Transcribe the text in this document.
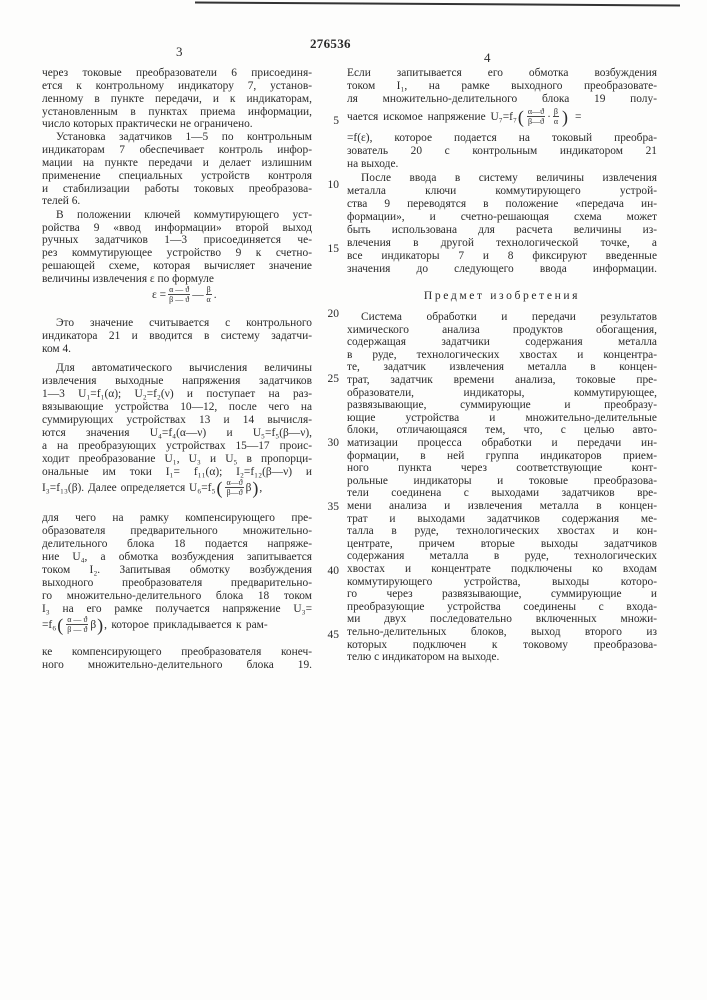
3
276536
4
ε = α — ϑ
β — ϑ — β
α .
I₃=f₁₃(β). Далее определяется U₆=f₅ ( α—ϑ
β—ϑ β ) ,
=f₆ ( α — ϑ
β — ϑ β ) , которое прикладывается к рам-
через токовые преобразователи 6 присоединя-
ется к контрольному индикатору 7, установ-
ленному в пункте передачи, и к индикаторам,
установленным в пунктах приема информации,
число которых практически не ограничено.
Установка задатчиков 1—5 по контрольным
индикаторам 7 обеспечивает контроль инфор-
мации на пункте передачи и делает излишним
применение специальных устройств контроля
и стабилизации работы токовых преобразова-
телей 6.
В положении ключей коммутирующего уст-
ройства 9 «ввод информации» второй выход
ручных задатчиков 1—3 присоединяется че-
рез коммутирующее устройство 9 к счетно-
решающей схеме, которая вычисляет значение
величины извлечения ε по формуле
Это значение считывается с контрольного
индикатора 21 и вводится в систему задатчи-
ком 4.
Для автоматического вычисления величины
извлечения выходные напряжения задатчиков
1—3 U₁=f₁(α); U₂=f₂(ν) и поступает на раз-
вязывающие устройства 10—12, после чего на
суммирующих устройствах 13 и 14 вычисля-
ются значения U₄=f₄(α—ν) и U₅=f₅(β—ν),
а на преобразующих устройствах 15—17 проис-
ходит преобразование U₁, U₃ и U₅ в пропорци-
ональные им токи I₁= f₁₁(α); I₂=f₁₂(β—ν) и
для чего на рамку компенсирующего пре-
образователя предварительного множительно-
делительного блока 18 подается напряже-
ние U₄, а обмотка возбуждения запитывается
током I₂. Запитывая обмотку возбуждения
выходного преобразователя предварительно-
го множительно-делительного блока 18 током
I₃ на его рамке получается напряжение U₃=
ке компенсирующего преобразователя конеч-
ного множительно-делительного блока 19.
чается искомое напряжение U₇=f₇ ( α—ϑ
β—ϑ · β
α ) =
Предмет изобретения
Если запитывается его обмотка возбуждения
током I₁, на рамке выходного преобразовате-
ля множительно-делительного блока 19 полу-
=f(ε), которое подается на токовый преобра-
зователь 20 с контрольным индикатором 21
на выходе.
После ввода в систему величины извлечения
металла ключи коммутирующего устрой-
ства 9 переводятся в положение «передача ин-
формации», и счетно-решающая схема может
быть использована для расчета величины из-
влечения в другой технологической точке, а
все индикаторы 7 и 8 фиксируют введенные
значения до следующего ввода информации.
Система обработки и передачи результатов
химического анализа продуктов обогащения,
содержащая задатчики содержания металла
в руде, технологических хвостах и концентра-
те, задатчик извлечения металла в концен-
трат, задатчик времени анализа, токовые пре-
образователи, индикаторы, коммутирующее,
развязывающие, суммирующие и преобразу-
ющие устройства и множительно-делительные
блоки, отличающаяся тем, что, с целью авто-
матизации процесса обработки и передачи ин-
формации, в ней группа индикаторов прием-
ного пункта через соответствующие конт-
рольные индикаторы и токовые преобразова-
тели соединена с выходами задатчиков вре-
мени анализа и извлечения металла в концен-
трат и выходами задатчиков содержания ме-
талла в руде, технологических хвостах и кон-
центрате, причем вторые выходы задатчиков
содержания металла в руде, технологических
хвостах и концентрате подключены ко входам
коммутирующего устройства, выходы которо-
го через развязывающие, суммирующие и
преобразующие устройства соединены с входа-
ми двух последовательно включенных множи-
тельно-делительных блоков, выход второго из
которых подключен к токовому преобразова-
телю с индикатором на выходе.
5
10
15
20
25
30
35
40
45
